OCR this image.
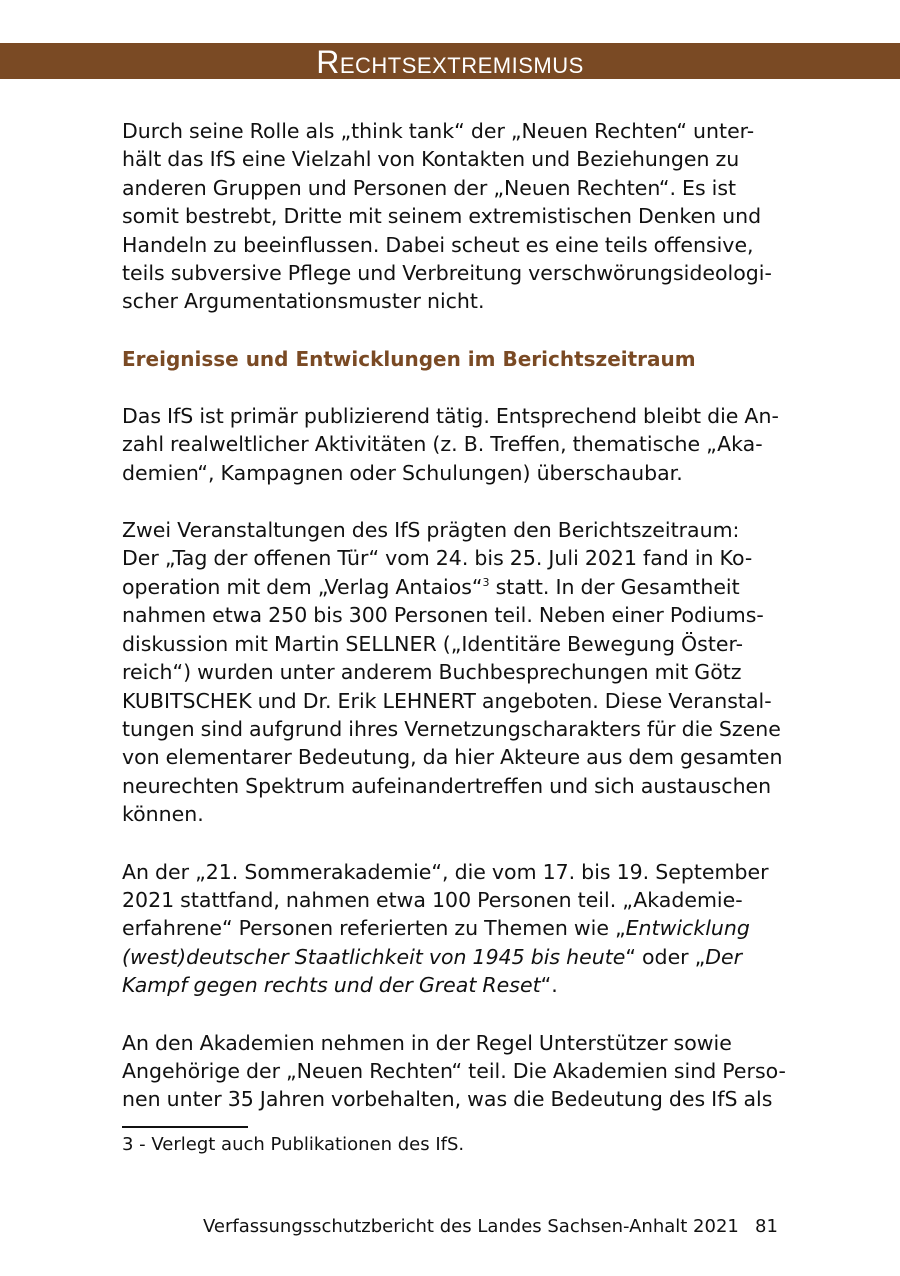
Rechtsextremismus

Durch seine Rolle als „think tank“ der „Neuen Rechten“ unter-
hält das IfS eine Vielzahl von Kontakten und Beziehungen zu
anderen Gruppen und Personen der „Neuen Rechten“. Es ist
somit bestrebt, Dritte mit seinem extremistischen Denken und
Handeln zu beeinflussen. Dabei scheut es eine teils offensive,
teils subversive Pflege und Verbreitung verschwörungsideologi-
scher Argumentationsmuster nicht.

Ereignisse und Entwicklungen im Berichtszeitraum

Das IfS ist primär publizierend tätig. Entsprechend bleibt die An-
zahl realweltlicher Aktivitäten (z. B. Treffen, thematische „Aka-
demien“, Kampagnen oder Schulungen) überschaubar.

Zwei Veranstaltungen des IfS prägten den Berichtszeitraum:
Der „Tag der offenen Tür“ vom 24. bis 25. Juli 2021 fand in Ko-
operation mit dem „Verlag Antaios“$^3$ statt. In der Gesamtheit
nahmen etwa 250 bis 300 Personen teil. Neben einer Podiums-
diskussion mit Martin SELLNER („Identitäre Bewegung Öster-
reich“) wurden unter anderem Buchbesprechungen mit Götz
KUBITSCHEK und Dr. Erik LEHNERT angeboten. Diese Veranstal-
tungen sind aufgrund ihres Vernetzungscharakters für die Szene
von elementarer Bedeutung, da hier Akteure aus dem gesamten
neurechten Spektrum aufeinandertreffen und sich austauschen
können.

An der „21. Sommerakademie“, die vom 17. bis 19. September
2021 stattfand, nahmen etwa 100 Personen teil. „Akademie-
erfahrene“ Personen referierten zu Themen wie „Entwicklung
(west)deutscher Staatlichkeit von 1945 bis heute“ oder „Der
Kampf gegen rechts und der Great Reset“.

An den Akademien nehmen in der Regel Unterstützer sowie
Angehörige der „Neuen Rechten“ teil. Die Akademien sind Perso-
nen unter 35 Jahren vorbehalten, was die Bedeutung des IfS als

3 - Verlegt auch Publikationen des IfS.
Verfassungsschutzbericht des Landes Sachsen-Anhalt 2021 81
